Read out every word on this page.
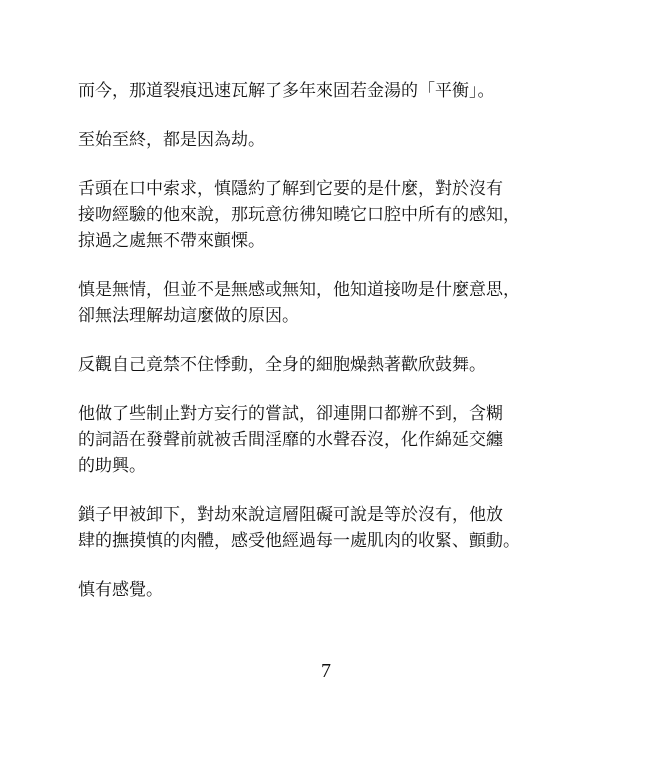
而今，那道裂痕迅速瓦解了多年來固若金湯的「平衡」。

至始至終，都是因為劫。

舌頭在口中索求，慎隱約了解到它要的是什麼，對於沒有
接吻經驗的他來說，那玩意彷彿知曉它口腔中所有的感知，
掠過之處無不帶來顫慄。

慎是無情，但並不是無感或無知，他知道接吻是什麼意思，
卻無法理解劫這麼做的原因。

反觀自己竟禁不住悸動，全身的細胞燥熱著歡欣鼓舞。

他做了些制止對方妄行的嘗試，卻連開口都辦不到，含糊
的詞語在發聲前就被舌間淫靡的水聲吞沒，化作綿延交纏
的助興。

鎖子甲被卸下，對劫來說這層阻礙可說是等於沒有，他放
肆的撫摸慎的肉體，感受他經過每一處肌肉的收緊、顫動。

慎有感覺。

7
